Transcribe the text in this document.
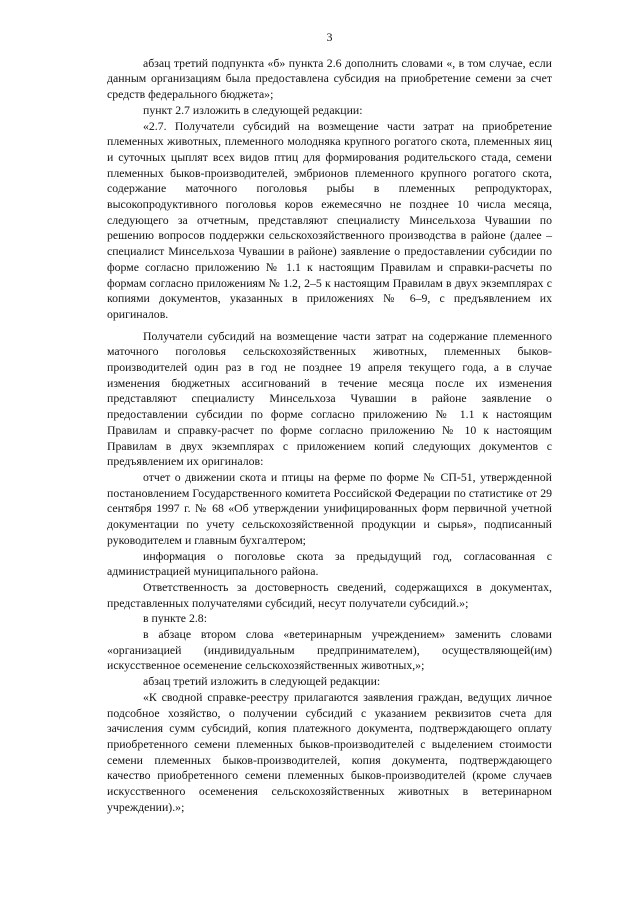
3

абзац третий подпункта «б» пункта 2.6 дополнить словами «, в том случае, если данным организациям была предоставлена субсидия на приобретение семени за счет средств федерального бюджета»;

пункт 2.7 изложить в следующей редакции:

«2.7. Получатели субсидий на возмещение части затрат на приобретение племенных животных, племенного молодняка крупного рогатого скота, племенных яиц и суточных цыплят всех видов птиц для формирования родительского стада, семени племенных быков-производителей, эмбрионов племенного крупного рогатого скота, содержание маточного поголовья рыбы в племенных репродукторах, высокопродуктивного поголовья коров ежемесячно не позднее 10 числа месяца, следующего за отчетным, представляют специалисту Минсельхоза Чувашии по решению вопросов поддержки сельскохозяйственного производства в районе (далее – специалист Минсельхоза Чувашии в районе) заявление о предоставлении субсидии по форме согласно приложению № 1.1 к настоящим Правилам и справки-расчеты по формам согласно приложениям № 1.2, 2–5 к настоящим Правилам в двух экземплярах с копиями документов, указанных в приложениях № 6–9, с предъявлением их оригиналов.

Получатели субсидий на возмещение части затрат на содержание племенного маточного поголовья сельскохозяйственных животных, племенных быков-производителей один раз в год не позднее 19 апреля текущего года, а в случае изменения бюджетных ассигнований в течение месяца после их изменения представляют специалисту Минсельхоза Чувашии в районе заявление о предоставлении субсидии по форме согласно приложению № 1.1 к настоящим Правилам и справку-расчет по форме согласно приложению № 10 к настоящим Правилам в двух экземплярах с приложением копий следующих документов с предъявлением их оригиналов:

отчет о движении скота и птицы на ферме по форме № СП-51, утвержденной постановлением Государственного комитета Российской Федерации по статистике от 29 сентября 1997 г. № 68 «Об утверждении унифицированных форм первичной учетной документации по учету сельскохозяйственной продукции и сырья», подписанный руководителем и главным бухгалтером;

информация о поголовье скота за предыдущий год, согласованная с администрацией муниципального района.

Ответственность за достоверность сведений, содержащихся в документах, представленных получателями субсидий, несут получатели субсидий.»;

в пункте 2.8:

в абзаце втором слова «ветеринарным учреждением» заменить словами «организацией (индивидуальным предпринимателем), осуществляющей(им) искусственное осеменение сельскохозяйственных животных,»;

абзац третий изложить в следующей редакции:

«К сводной справке-реестру прилагаются заявления граждан, ведущих личное подсобное хозяйство, о получении субсидий с указанием реквизитов счета для зачисления сумм субсидий, копия платежного документа, подтверждающего оплату приобретенного семени племенных быков-производителей с выделением стоимости семени племенных быков-производителей, копия документа, подтверждающего качество приобретенного семени племенных быков-производителей (кроме случаев искусственного осеменения сельскохозяйственных животных в ветеринарном учреждении).»;
